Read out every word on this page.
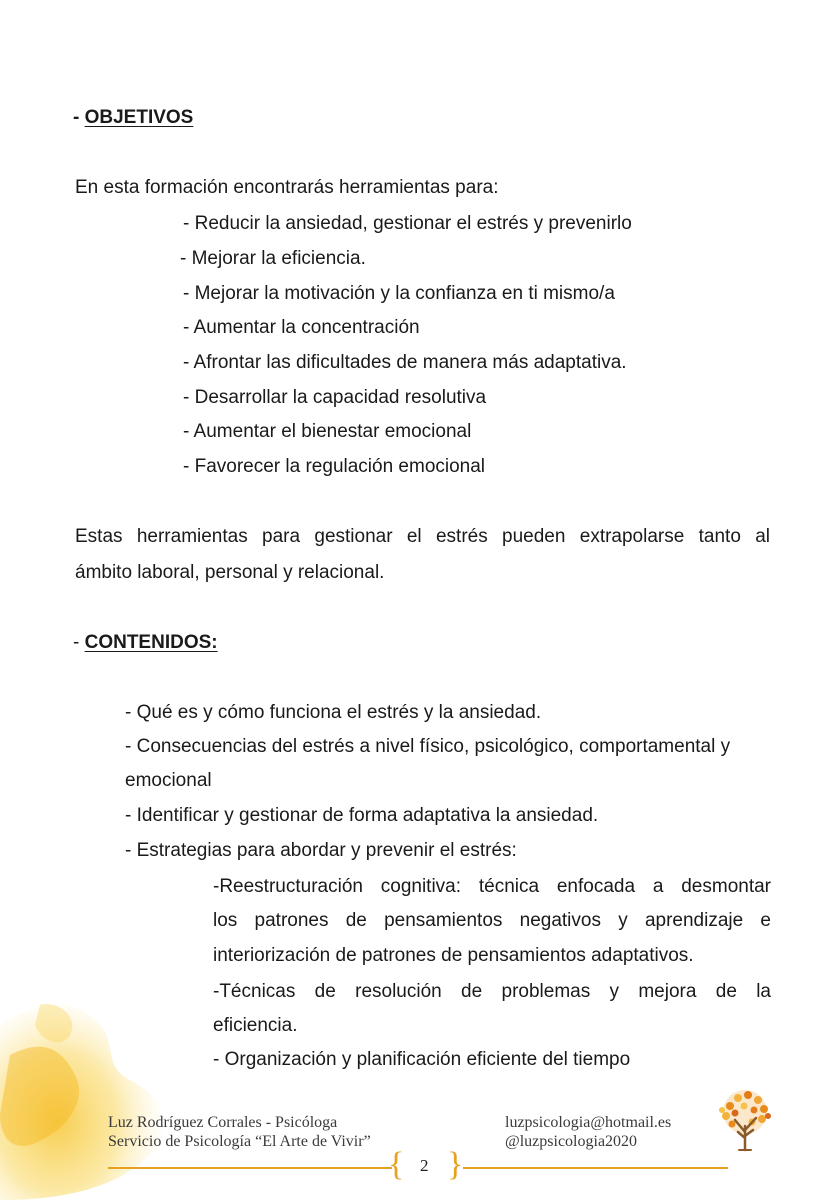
- OBJETIVOS
En esta formación encontrarás herramientas para:
- Reducir la ansiedad, gestionar el estrés y prevenirlo
- Mejorar la eficiencia.
- Mejorar la motivación y la confianza en ti mismo/a
- Aumentar la concentración
- Afrontar las dificultades de manera más adaptativa.
- Desarrollar la capacidad resolutiva
- Aumentar el bienestar emocional
- Favorecer la regulación emocional
Estas herramientas para gestionar el estrés pueden extrapolarse tanto al
ámbito laboral, personal y relacional.
- CONTENIDOS:
- Qué es y cómo funciona el estrés y la ansiedad.
- Consecuencias del estrés a nivel físico, psicológico, comportamental y
emocional
- Identificar y gestionar de forma adaptativa la ansiedad.
- Estrategias para abordar y prevenir el estrés:
-Reestructuración cognitiva: técnica enfocada a desmontar
los patrones de pensamientos negativos y aprendizaje e
interiorización de patrones de pensamientos adaptativos.
-Técnicas de resolución de problemas y mejora de la
eficiencia.
- Organización y planificación eficiente del tiempo
Luz Rodríguez Corrales - Psicóloga
Servicio de Psicología “El Arte de Vivir”
luzpsicologia@hotmail.es
@luzpsicologia2020
{ 2 }
